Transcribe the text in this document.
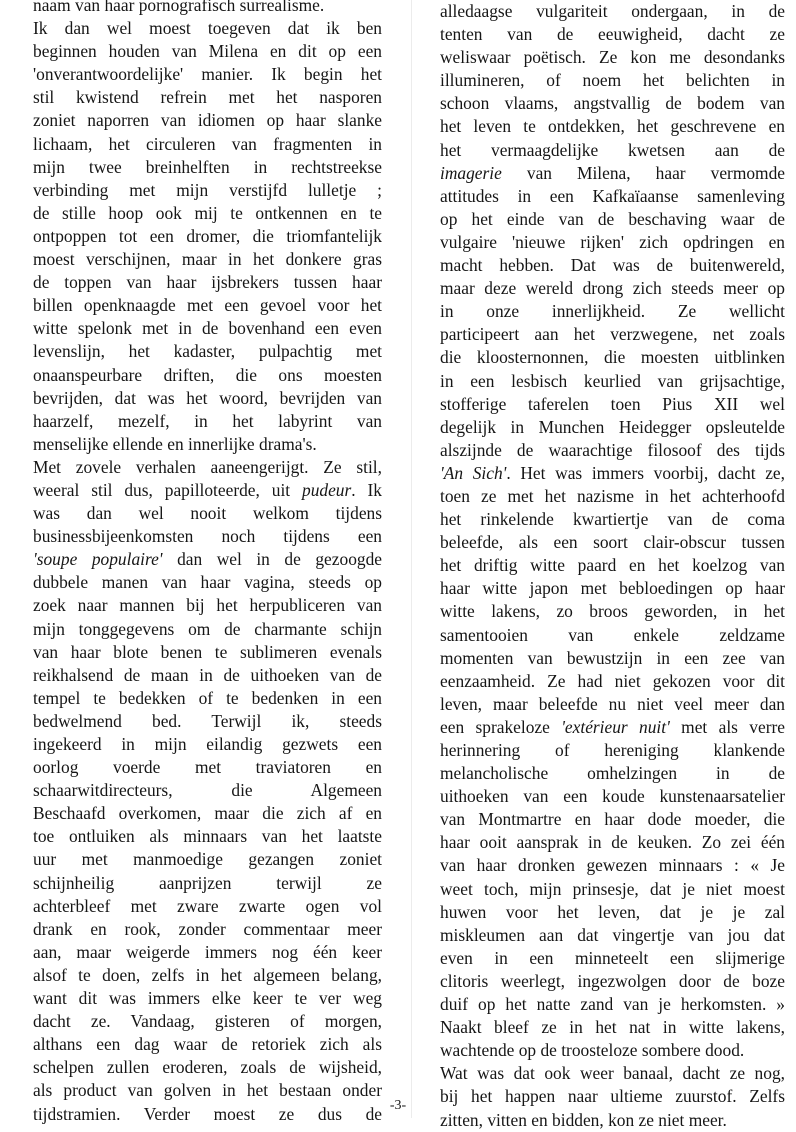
naam van haar pornografisch surrealisme.
Ik dan wel moest toegeven dat ik ben
beginnen houden van Milena en dit op een
'onverantwoordelijke' manier. Ik begin het
stil kwistend refrein met het nasporen
zoniet naporren van idiomen op haar slanke
lichaam, het circuleren van fragmenten in
mijn twee breinhelften in rechtstreekse
verbinding met mijn verstijfd lulletje ;
de stille hoop ook mij te ontkennen en te
ontpoppen tot een dromer, die triomfantelijk
moest verschijnen, maar in het donkere gras
de toppen van haar ijsbrekers tussen haar
billen openknaagde met een gevoel voor het
witte spelonk met in de bovenhand een even
levenslijn, het kadaster, pulpachtig met
onaanspeurbare driften, die ons moesten
bevrijden, dat was het woord, bevrijden van
haarzelf, mezelf, in het labyrint van
menselijke ellende en innerlijke drama's.
Met zovele verhalen aaneengerijgt. Ze stil,
weeral stil dus, papilloteerde, uit pudeur. Ik
was dan wel nooit welkom tijdens
businessbijeenkomsten noch tijdens een
'soupe populaire' dan wel in de gezoogde
dubbele manen van haar vagina, steeds op
zoek naar mannen bij het herpubliceren van
mijn tonggegevens om de charmante schijn
van haar blote benen te sublimeren evenals
reikhalsend de maan in de uithoeken van de
tempel te bedekken of te bedenken in een
bedwelmend bed. Terwijl ik, steeds
ingekeerd in mijn eilandig gezwets een
oorlog voerde met traviatoren en
schaarwitdirecteurs, die Algemeen
Beschaafd overkomen, maar die zich af en
toe ontluiken als minnaars van het laatste
uur met manmoedige gezangen zoniet
schijnheilig aanprijzen terwijl ze
achterbleef met zware zwarte ogen vol
drank en rook, zonder commentaar meer
aan, maar weigerde immers nog één keer
alsof te doen, zelfs in het algemeen belang,
want dit was immers elke keer te ver weg
dacht ze. Vandaag, gisteren of morgen,
althans een dag waar de retoriek zich als
schelpen zullen eroderen, zoals de wijsheid,
als product van golven in het bestaan onder
tijdstramien. Verder moest ze dus de
alledaagse vulgariteit ondergaan, in de
tenten van de eeuwigheid, dacht ze
weliswaar poëtisch. Ze kon me desondanks
illumineren, of noem het belichten in
schoon vlaams, angstvallig de bodem van
het leven te ontdekken, het geschrevene en
het vermaagdelijke kwetsen aan de
imagerie van Milena, haar vermomde
attitudes in een Kafkaïaanse samenleving
op het einde van de beschaving waar de
vulgaire 'nieuwe rijken' zich opdringen en
macht hebben. Dat was de buitenwereld,
maar deze wereld drong zich steeds meer op
in onze innerlijkheid. Ze wellicht
participeert aan het verzwegene, net zoals
die kloosternonnen, die moesten uitblinken
in een lesbisch keurlied van grijsachtige,
stofferige taferelen toen Pius XII wel
degelijk in Munchen Heidegger opsleutelde
alszijnde de waarachtige filosoof des tijds
'An Sich'. Het was immers voorbij, dacht ze,
toen ze met het nazisme in het achterhoofd
het rinkelende kwartiertje van de coma
beleefde, als een soort clair-obscur tussen
het driftig witte paard en het koelzog van
haar witte japon met bebloedingen op haar
witte lakens, zo broos geworden, in het
samentooien van enkele zeldzame
momenten van bewustzijn in een zee van
eenzaamheid. Ze had niet gekozen voor dit
leven, maar beleefde nu niet veel meer dan
een sprakeloze 'extérieur nuit' met als verre
herinnering of hereniging klankende
melancholische omhelzingen in de
uithoeken van een koude kunstenaarsatelier
van Montmartre en haar dode moeder, die
haar ooit aansprak in de keuken. Zo zei één
van haar dronken gewezen minnaars : « Je
weet toch, mijn prinsesje, dat je niet moest
huwen voor het leven, dat je je zal
miskleumen aan dat vingertje van jou dat
even in een minneteelt een slijmerige
clitoris weerlegt, ingezwolgen door de boze
duif op het natte zand van je herkomsten. »
Naakt bleef ze in het nat in witte lakens,
wachtende op de troosteloze sombere dood.
Wat was dat ook weer banaal, dacht ze nog,
bij het happen naar ultieme zuurstof. Zelfs
zitten, vitten en bidden, kon ze niet meer.
-3-
